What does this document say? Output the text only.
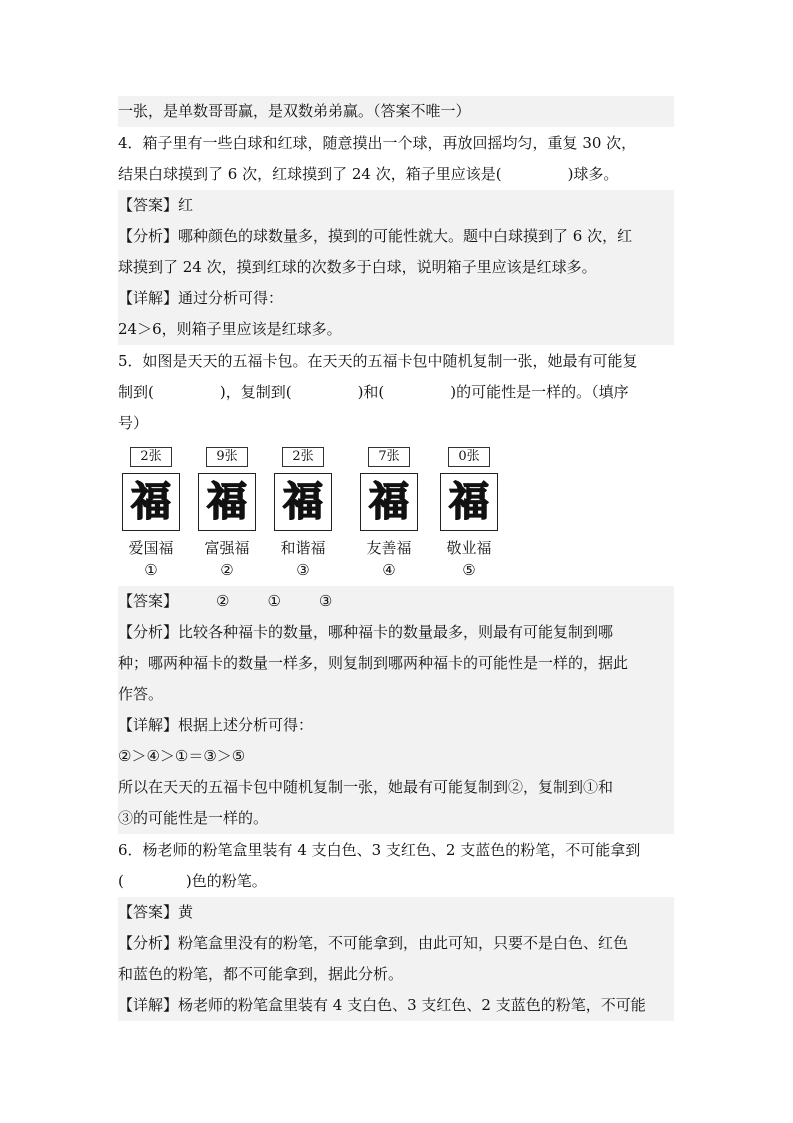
一张，是单数哥哥赢，是双数弟弟赢。（答案不唯一）
4．箱子里有一些白球和红球，随意摸出一个球，再放回摇均匀，重复 30 次，
结果白球摸到了 6 次，红球摸到了 24 次，箱子里应该是(	)球多。
【答案】红
【分析】哪种颜色的球数量多，摸到的可能性就大。题中白球摸到了 6 次，红
球摸到了 24 次，摸到红球的次数多于白球，说明箱子里应该是红球多。
【详解】通过分析可得：
24＞6，则箱子里应该是红球多。
5．如图是天天的五福卡包。在天天的五福卡包中随机复制一张，她最有可能复
制到(	)，复制到(	)和(	)的可能性是一样的。（填序
号）
2张
福
爱国福
①
9张
福
富强福
②
2张
福
和谐福
③
7张
福
友善福
④
0张
福
敬业福
⑤
【答案】	②	①	③
【分析】比较各种福卡的数量，哪种福卡的数量最多，则最有可能复制到哪
种；哪两种福卡的数量一样多，则复制到哪两种福卡的可能性是一样的，据此
作答。
【详解】根据上述分析可得：
②＞④＞①＝③＞⑤
所以在天天的五福卡包中随机复制一张，她最有可能复制到②，复制到①和
③的可能性是一样的。
6．杨老师的粉笔盒里装有 4 支白色、3 支红色、2 支蓝色的粉笔，不可能拿到
(	)色的粉笔。
【答案】黄
【分析】粉笔盒里没有的粉笔，不可能拿到，由此可知，只要不是白色、红色
和蓝色的粉笔，都不可能拿到，据此分析。
【详解】杨老师的粉笔盒里装有 4 支白色、3 支红色、2 支蓝色的粉笔，不可能
